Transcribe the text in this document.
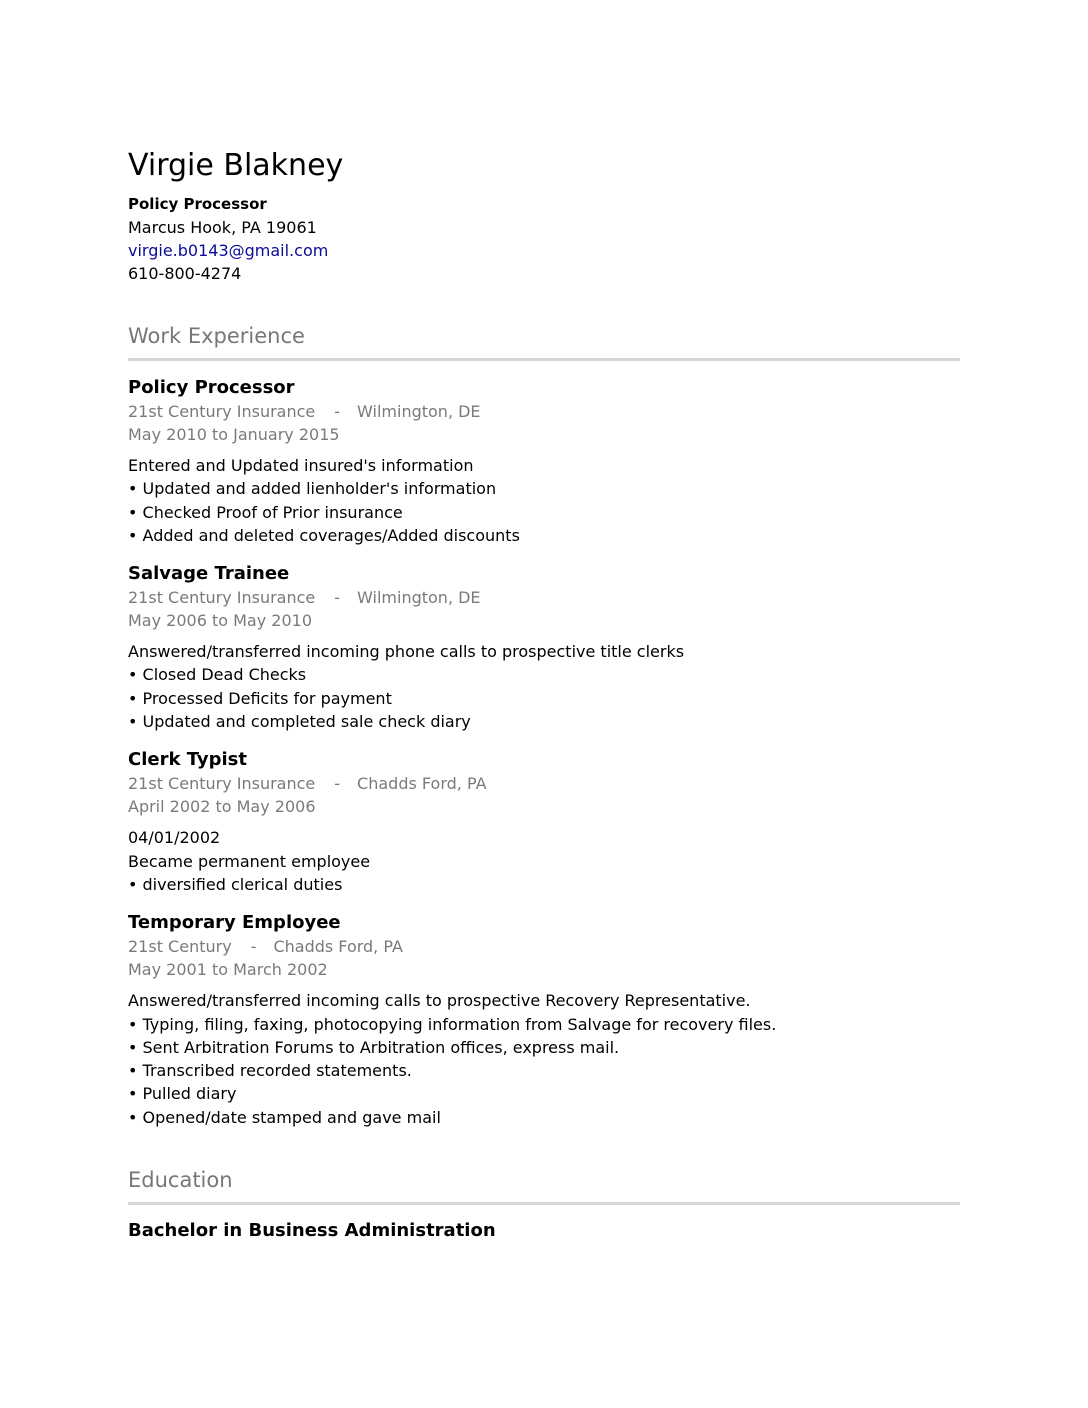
Virgie Blakney
Policy Processor
Marcus Hook, PA 19061
virgie.b0143@gmail.com
610-800-4274
Work Experience
Policy Processor
21st Century Insurance - Wilmington, DE
May 2010 to January 2015
Entered and Updated insured's information
• Updated and added lienholder's information
• Checked Proof of Prior insurance
• Added and deleted coverages/Added discounts
Salvage Trainee
21st Century Insurance - Wilmington, DE
May 2006 to May 2010
Answered/transferred incoming phone calls to prospective title clerks
• Closed Dead Checks
• Processed Deficits for payment
• Updated and completed sale check diary
Clerk Typist
21st Century Insurance - Chadds Ford, PA
April 2002 to May 2006
04/01/2002
Became permanent employee
• diversified clerical duties
Temporary Employee
21st Century - Chadds Ford, PA
May 2001 to March 2002
Answered/transferred incoming calls to prospective Recovery Representative.
• Typing, filing, faxing, photocopying information from Salvage for recovery files.
• Sent Arbitration Forums to Arbitration offices, express mail.
• Transcribed recorded statements.
• Pulled diary
• Opened/date stamped and gave mail
Education
Bachelor in Business Administration
